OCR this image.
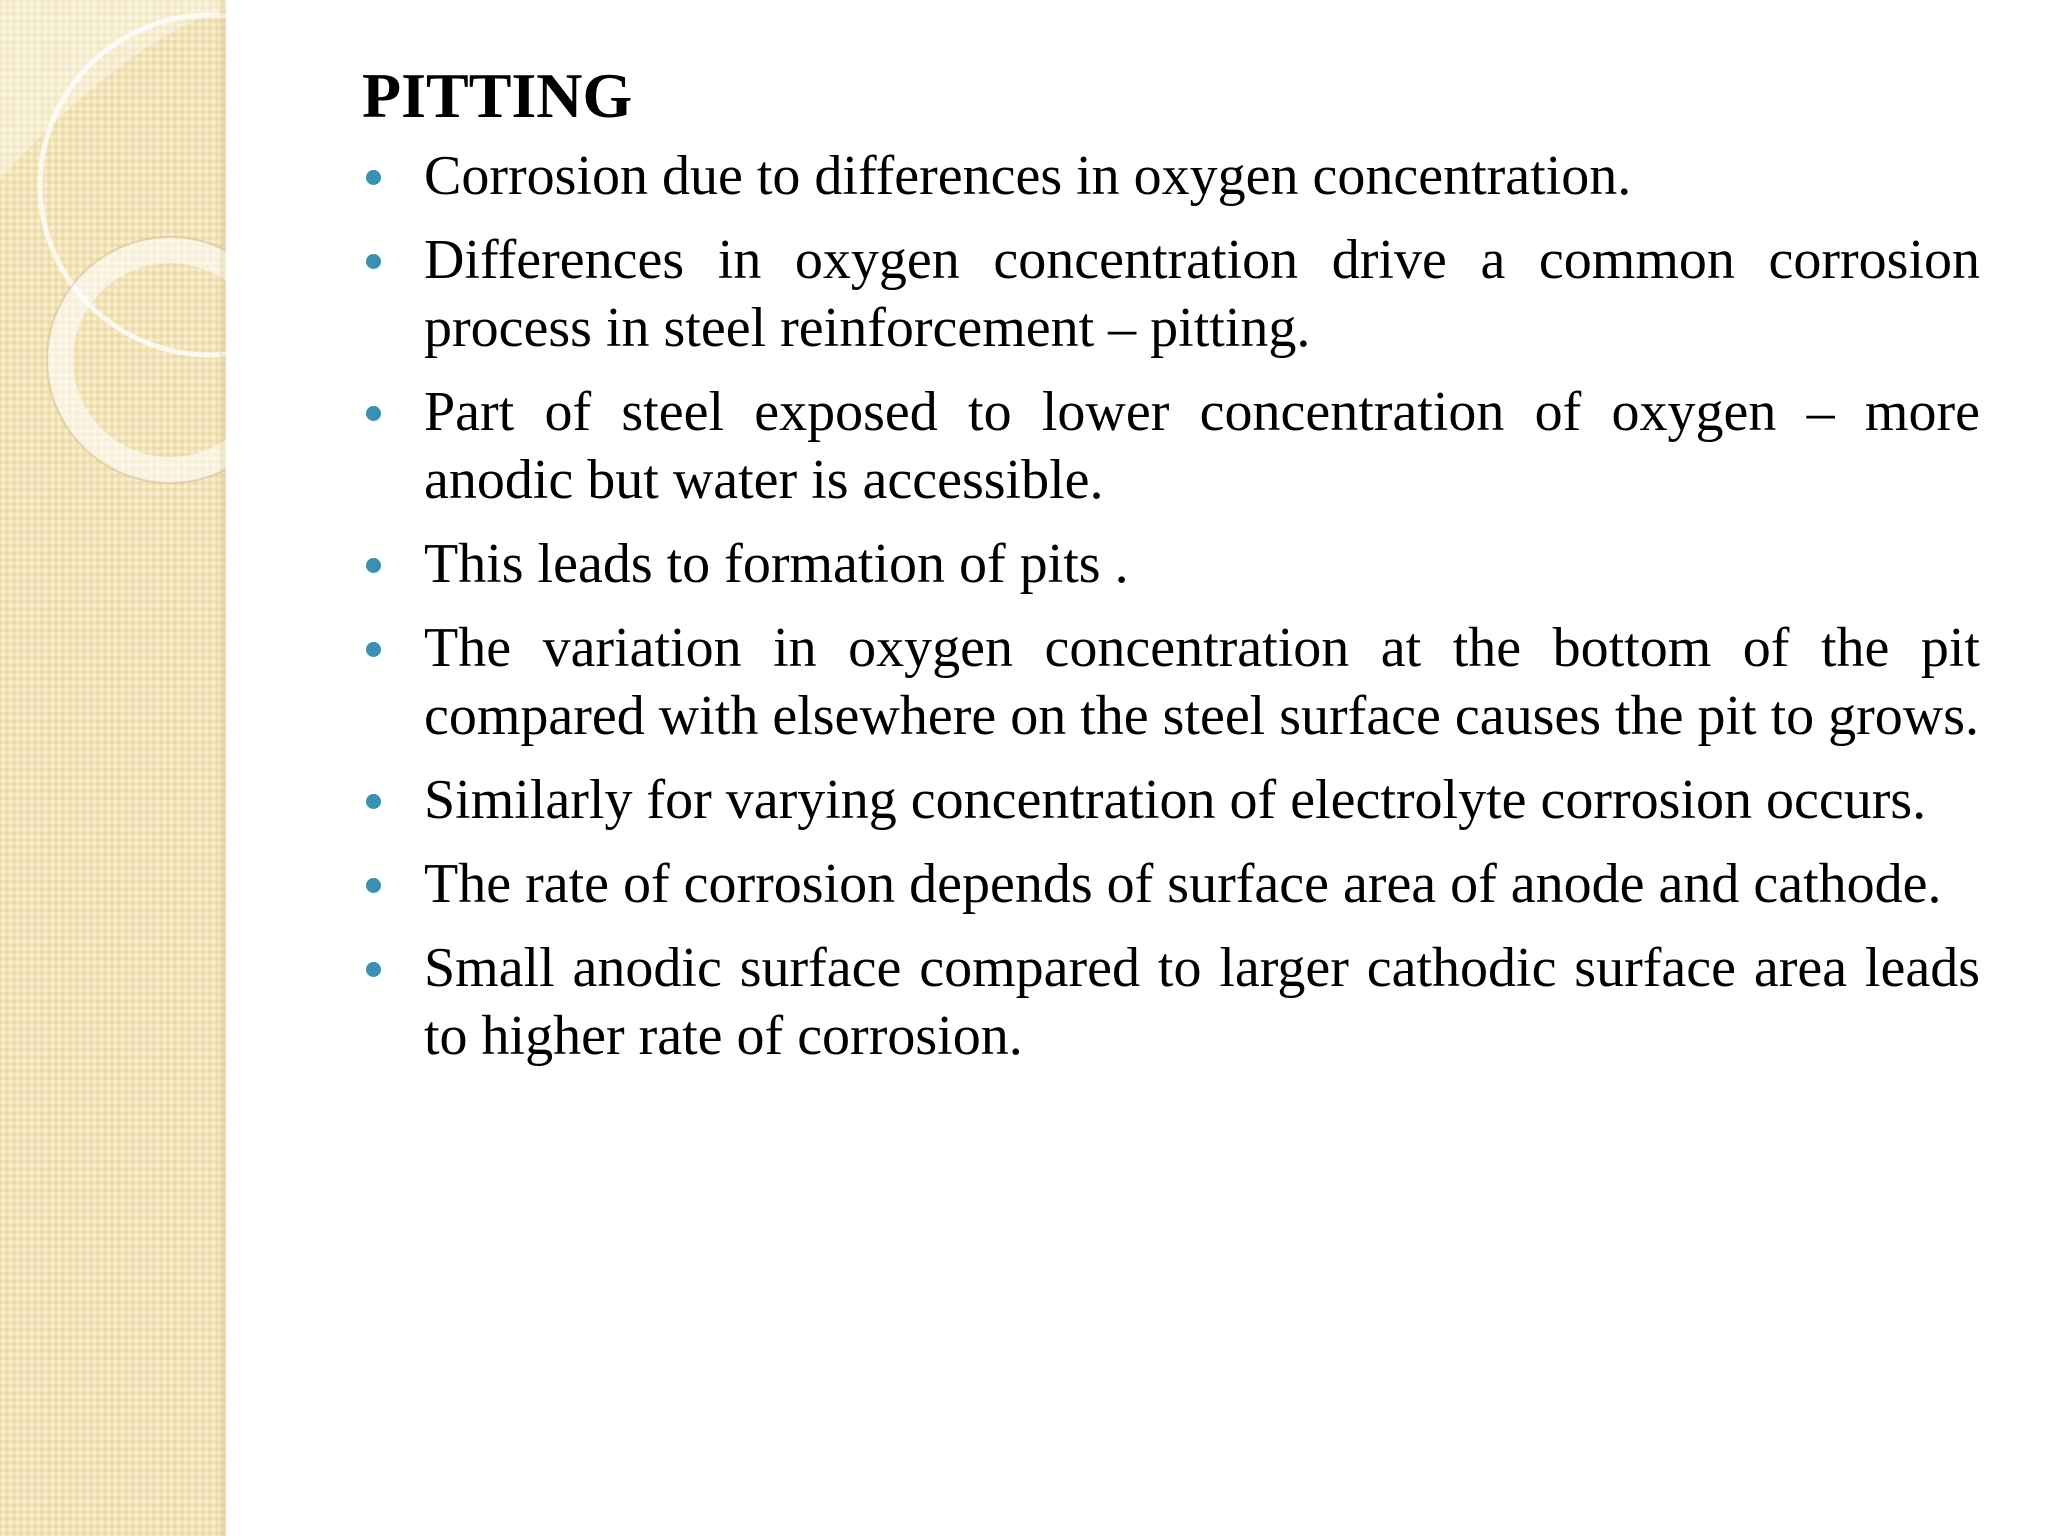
PITTING
Corrosion due to differences in oxygen concentration.
Differences in oxygen concentration drive a common corrosion process in steel reinforcement – pitting.
Part of steel exposed to lower concentration of oxygen – more anodic but water is accessible.
This leads to formation of pits .
The variation in oxygen concentration at the bottom of the pit compared with elsewhere on the steel surface causes the pit to grows.
Similarly for varying concentration of electrolyte corrosion occurs.
The rate of corrosion depends of surface area of anode and cathode.
Small anodic surface compared to larger cathodic surface area leads to higher rate of corrosion.
